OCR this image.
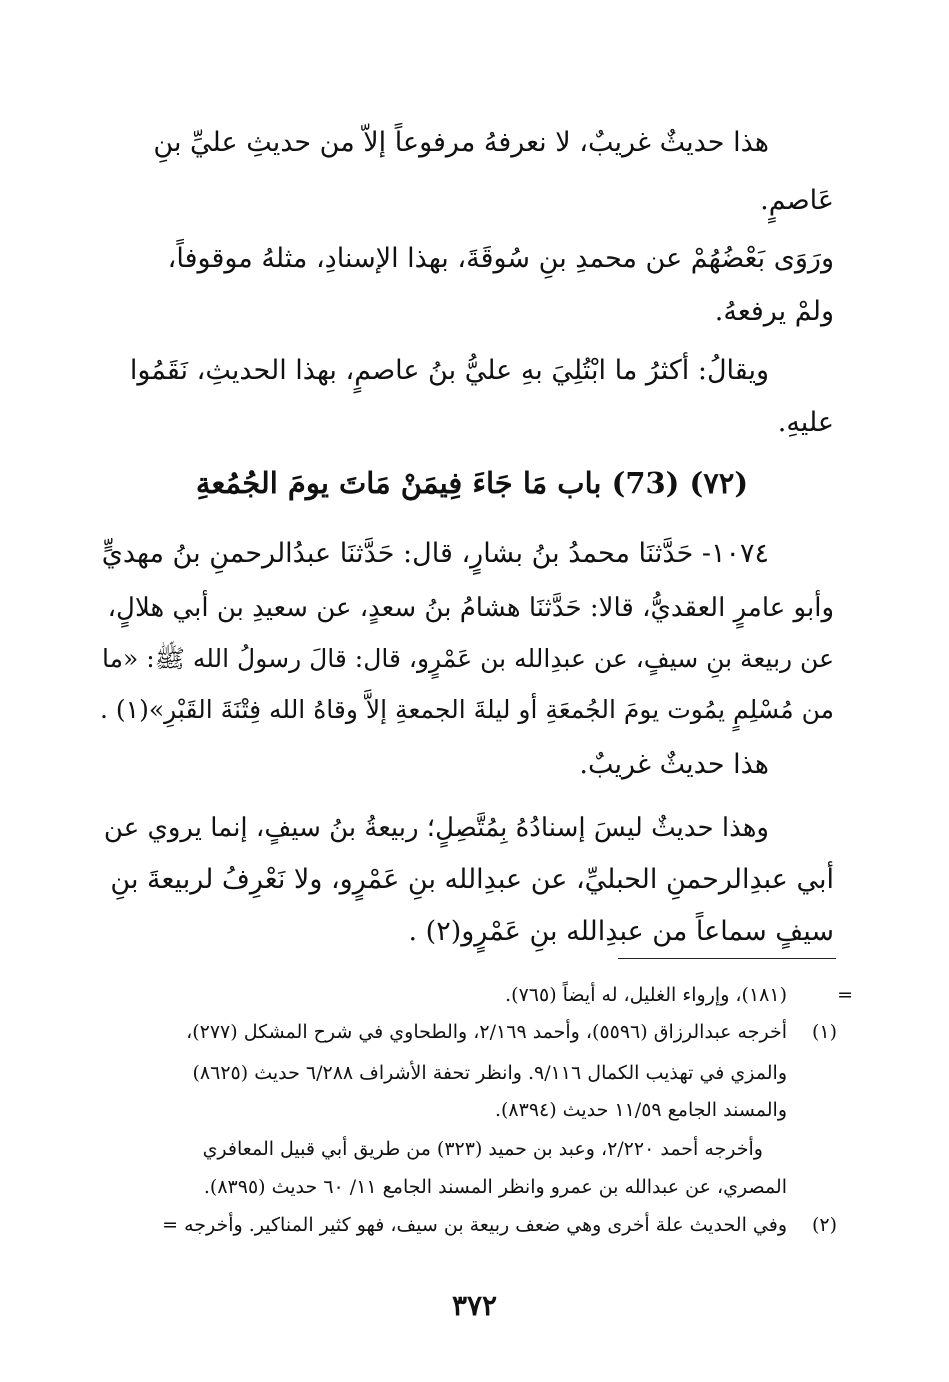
هذا حديثٌ غريبٌ، لا نعرفهُ مرفوعاً إلاّ من حديثِ عليِّ بنِ
عَاصمٍ.
ورَوَى بَعْضُهُمْ عن محمدِ بنِ سُوقَةَ، بهذا الإسنادِ، مثلهُ موقوفاً،
ولمْ يرفعهُ.
ويقالُ: أكثرُ ما ابْتُلِيَ بهِ عليُّ بنُ عاصمٍ، بهذا الحديثِ، نَقَمُوا
عليهِ.
(٧٢) (73) باب مَا جَاءَ فِيمَنْ مَاتَ يومَ الجُمُعةِ
١٠٧٤- حَدَّثنَا محمدُ بنُ بشارٍ، قال: حَدَّثنَا عبدُالرحمنِ بنُ مهديٍّ
وأبو عامرٍ العقديُّ، قالا: حَدَّثنَا هشامُ بنُ سعدٍ، عن سعيدِ بن أبي هلالٍ،
عن ربيعة بنِ سيفٍ، عن عبدِالله بن عَمْرٍو، قال: قالَ رسولُ الله ﷺ: «ما
من مُسْلِمٍ يمُوت يومَ الجُمعَةِ أو ليلةَ الجمعةِ إلاَّ وقاهُ الله فِتْنَةَ القَبْرِ»(١) .
هذا حديثٌ غريبٌ.
وهذا حديثٌ ليسَ إسنادُهُ بِمُتَّصِلٍ؛ ربيعةُ بنُ سيفٍ، إنما يروي عن
أبي عبدِالرحمنِ الحبليِّ، عن عبدِالله بنِ عَمْرٍو، ولا نَعْرِفُ لربيعةَ بنِ
سيفٍ سماعاً من عبدِالله بنِ عَمْرٍو(٢) .
=
(١٨١)، وإرواء الغليل، له أيضاً (٧٦٥).
(١)
أخرجه عبدالرزاق (٥٥٩٦)، وأحمد ٢/١٦٩، والطحاوي في شرح المشكل (٢٧٧)،
والمزي في تهذيب الكمال ٩/١١٦. وانظر تحفة الأشراف ٦/٢٨٨ حديث (٨٦٢٥)
والمسند الجامع ١١/٥٩ حديث (٨٣٩٤).
وأخرجه أحمد ٢/٢٢٠، وعبد بن حميد (٣٢٣) من طريق أبي قبيل المعافري
المصري، عن عبدالله بن عمرو وانظر المسند الجامع ١١/ ٦٠ حديث (٨٣٩٥).
(٢)
وفي الحديث علة أخرى وهي ضعف ربيعة بن سيف، فهو كثير المناكير. وأخرجه =
٣٧٢
